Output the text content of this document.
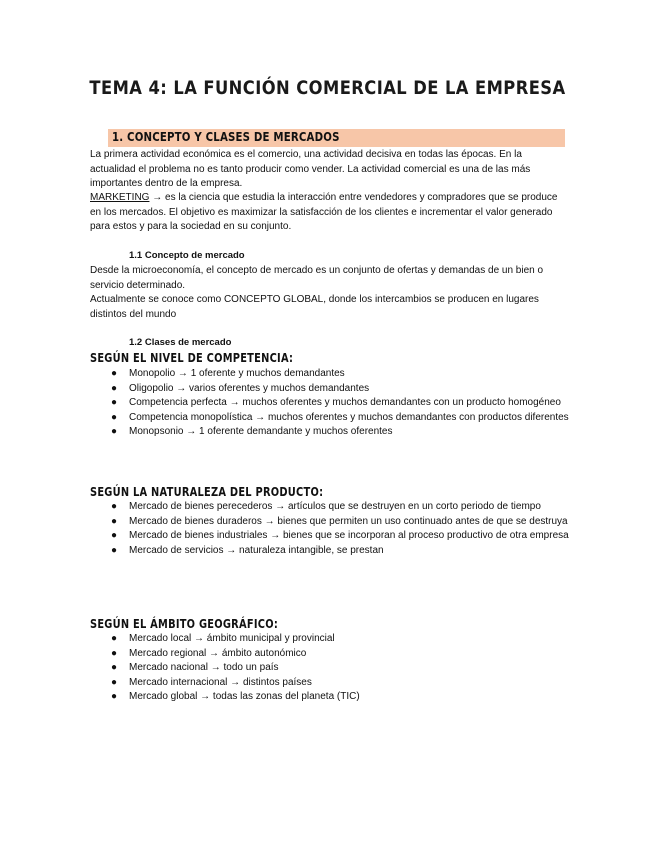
TEMA 4: LA FUNCIÓN COMERCIAL DE LA EMPRESA
1. CONCEPTO Y CLASES DE MERCADOS
La primera actividad económica es el comercio, una actividad decisiva en todas las épocas. En la actualidad el problema no es tanto producir como vender. La actividad comercial es una de las más importantes dentro de la empresa.
MARKETING → es la ciencia que estudia la interacción entre vendedores y compradores que se produce en los mercados. El objetivo es maximizar la satisfacción de los clientes e incrementar el valor generado para estos y para la sociedad en su conjunto.
1.1 Concepto de mercado
Desde la microeconomía, el concepto de mercado es un conjunto de ofertas y demandas de un bien o servicio determinado.
Actualmente se conoce como CONCEPTO GLOBAL, donde los intercambios se producen en lugares distintos del mundo
1.2 Clases de mercado
SEGÚN EL NIVEL DE COMPETENCIA:
● Monopolio → 1 oferente y muchos demandantes
● Oligopolio → varios oferentes y muchos demandantes
● Competencia perfecta → muchos oferentes y muchos demandantes con un producto homogéneo
● Competencia monopolística → muchos oferentes y muchos demandantes con productos diferentes
● Monopsonio → 1 oferente demandante y muchos oferentes
SEGÚN LA NATURALEZA DEL PRODUCTO:
● Mercado de bienes perecederos → artículos que se destruyen en un corto periodo de tiempo
● Mercado de bienes duraderos → bienes que permiten un uso continuado antes de que se destruya
● Mercado de bienes industriales → bienes que se incorporan al proceso productivo de otra empresa
● Mercado de servicios → naturaleza intangible, se prestan
SEGÚN EL ÁMBITO GEOGRÁFICO:
● Mercado local → ámbito municipal y provincial
● Mercado regional → ámbito autonómico
● Mercado nacional → todo un país
● Mercado internacional → distintos países
● Mercado global → todas las zonas del planeta (TIC)
